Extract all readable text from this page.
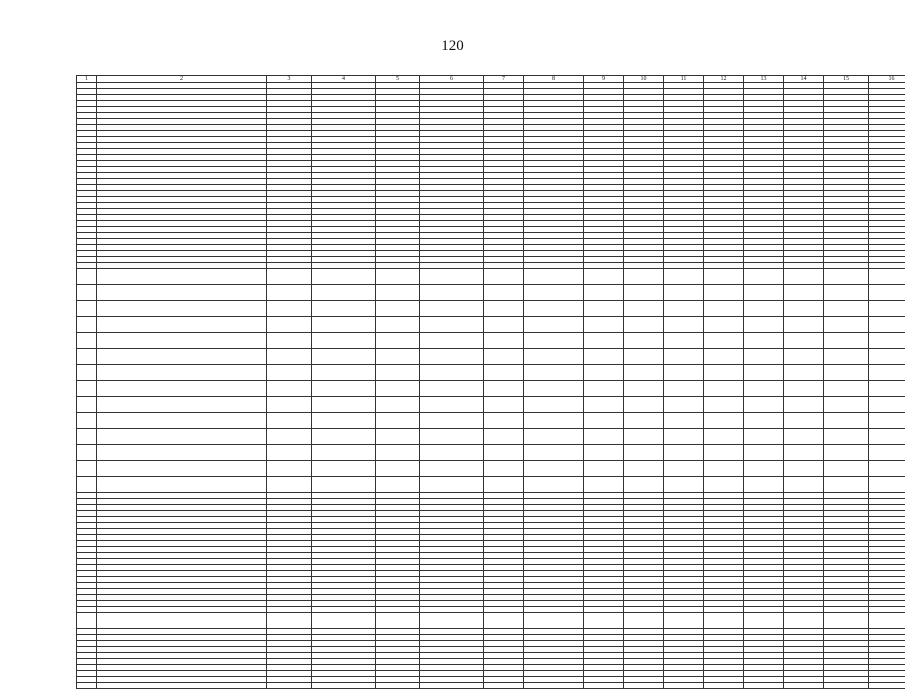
120
1	2	3	4	5	6	7	8	9	10	11	12	13	14	15	16
